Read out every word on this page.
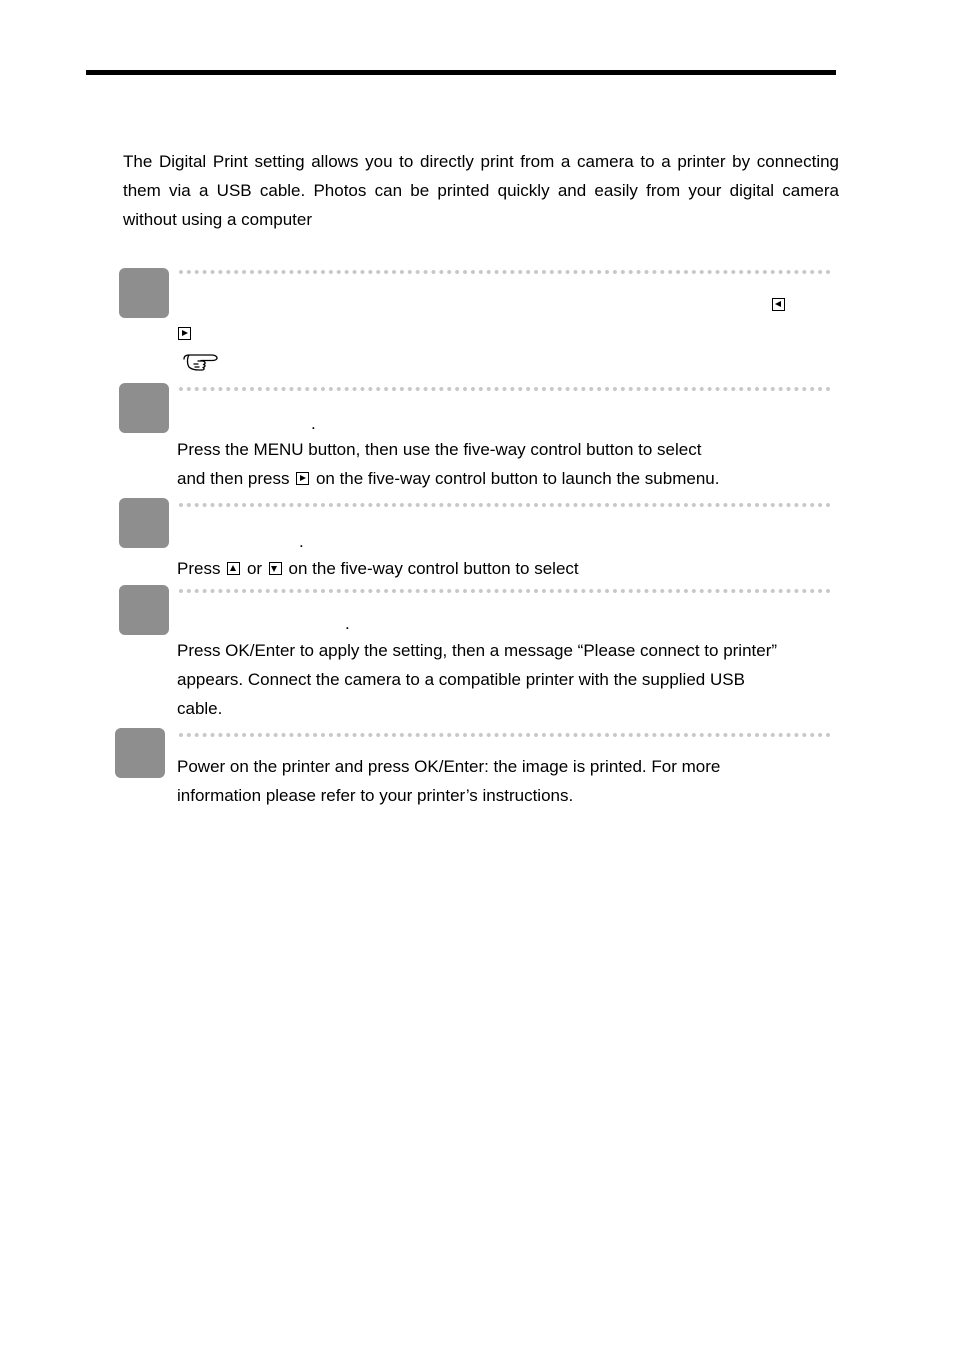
The Digital Print setting allows you to directly print from a camera to a printer by connecting them via a USB cable. Photos can be printed quickly and easily from your digital camera without using a computer

.
Press the MENU button, then use the five-way control button to select
and then press on the five-way control button to launch the submenu.
.
Press or on the five-way control button to select
.
Press OK/Enter to apply the setting, then a message “Please connect to printer”
appears. Connect the camera to a compatible printer with the supplied USB
cable.
Power on the printer and press OK/Enter: the image is printed. For more
information please refer to your printer’s instructions.
